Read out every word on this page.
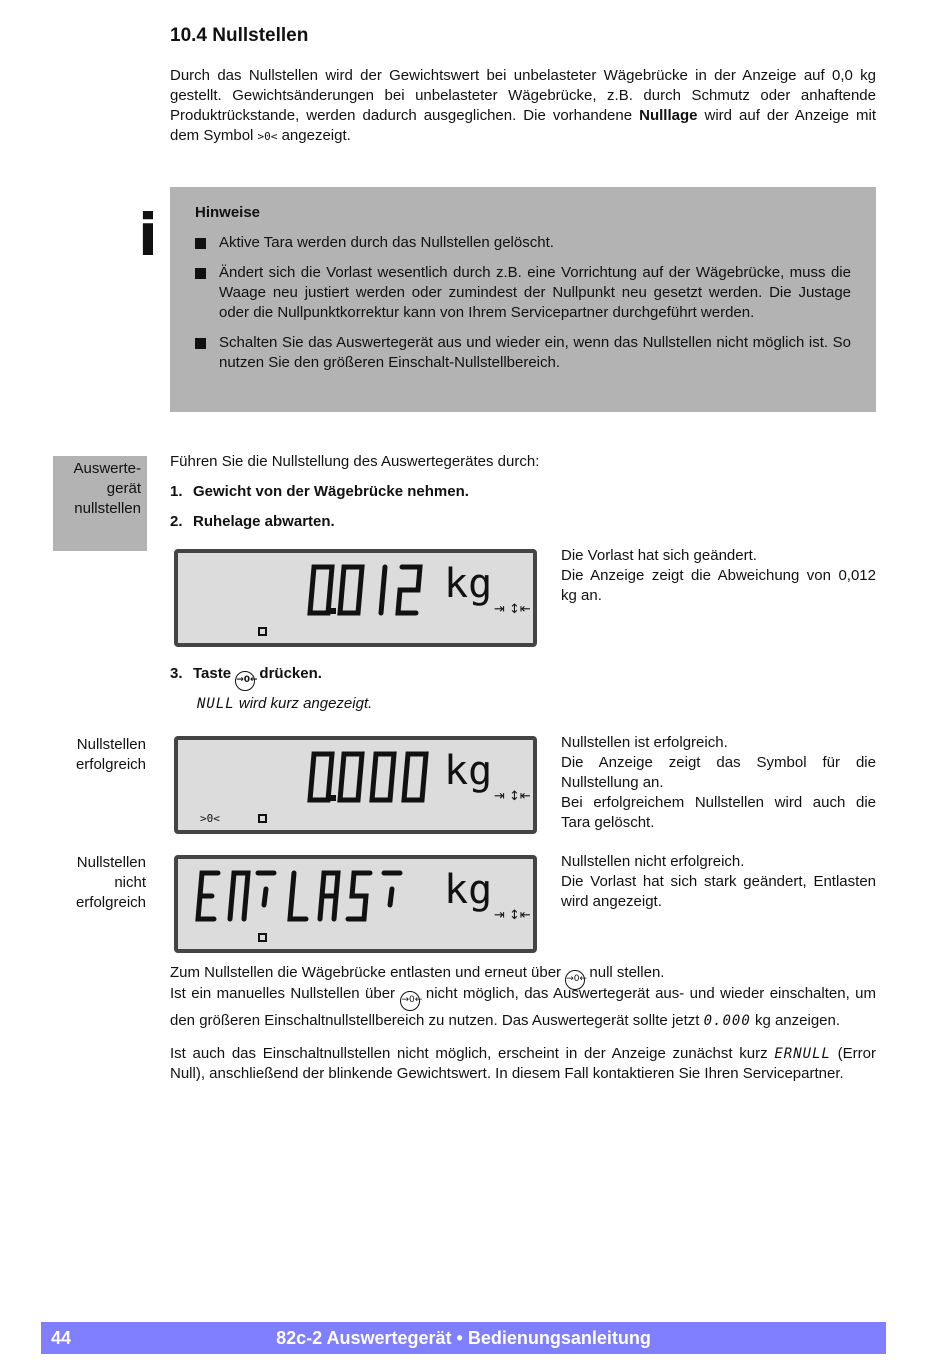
10.4 Nullstellen

Durch das Nullstellen wird der Gewichtswert bei unbelasteter Wägebrücke in der Anzeige auf 0,0 kg gestellt. Gewichtsänderungen bei unbelasteter Wägebrücke, z.B. durch Schmutz oder anhaftende Produktrückstande, werden dadurch ausgeglichen. Die vorhandene Nulllage wird auf der Anzeige mit dem Symbol >0< angezeigt.

i Hinweise

Aktive Tara werden durch das Nullstellen gelöscht.
Ändert sich die Vorlast wesentlich durch z.B. eine Vorrichtung auf der Wägebrücke, muss die Waage neu justiert werden oder zumindest der Nullpunkt neu gesetzt werden. Die Justage oder die Nullpunktkorrektur kann von Ihrem Servicepartner durchgeführt werden.
Schalten Sie das Auswertegerät aus und wieder ein, wenn das Nullstellen nicht möglich ist. So nutzen Sie den größeren Einschalt-Nullstellbereich.
Auswerte-
gerät
nullstellen
Führen Sie die Nullstellung des Auswertegerätes durch:
1. Gewicht von der Wägebrücke nehmen.
2. Ruhelage abwarten.
kg
⇥ ↕⇤
Die Vorlast hat sich geändert.
Die Anzeige zeigt die Abweichung von 0,012 kg an.
3. Taste →0← drücken.
NULL wird kurz angezeigt.
Nullstellen
erfolgreich	kg
⇥ ↕⇤
>0<
Nullstellen ist erfolgreich.
Die Anzeige zeigt das Symbol für die Nullstellung an.
Bei erfolgreichem Nullstellen wird auch die Tara gelöscht.
Nullstellen
nicht
erfolgreich	kg
⇥ ↕⇤
Nullstellen nicht erfolgreich.
Die Vorlast hat sich stark geändert, Entlasten wird angezeigt.

Zum Nullstellen die Wägebrücke entlasten und erneut über →0← null stellen.

Ist ein manuelles Nullstellen über →0← nicht möglich, das Auswertegerät aus- und wieder einschalten, um den größeren Einschaltnullstellbereich zu nutzen. Das Auswertegerät sollte jetzt 0.000 kg anzeigen.

Ist auch das Einschaltnullstellen nicht möglich, erscheint in der Anzeige zunächst kurz ERNULL (Error Null), anschließend der blinkende Gewichtswert. In diesem Fall kontaktieren Sie Ihren Servicepartner.

44	82c-2 Auswertegerät • Bedienungsanleitung
